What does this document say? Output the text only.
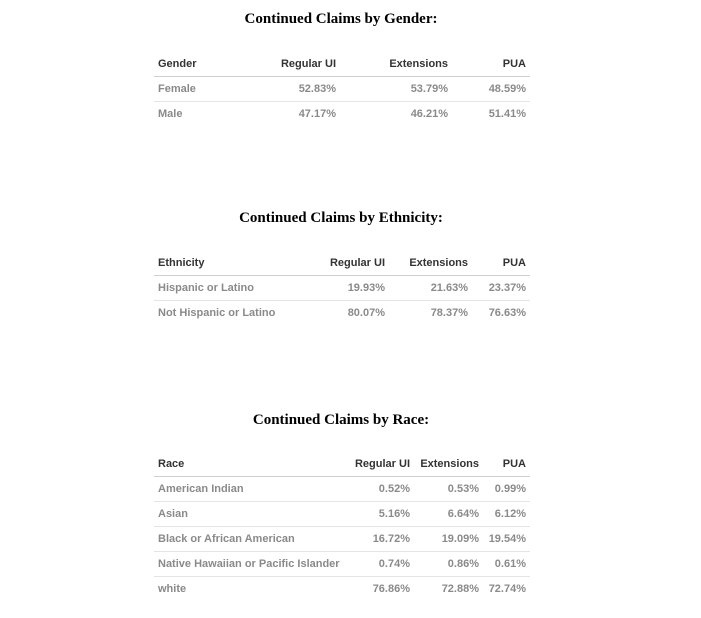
Continued Claims by Gender:
Gender	Regular UI	Extensions	PUA
Female	52.83%	53.79%	48.59%
Male	47.17%	46.21%	51.41%
Continued Claims by Ethnicity:
Ethnicity	Regular UI	Extensions	PUA
Hispanic or Latino	19.93%	21.63%	23.37%
Not Hispanic or Latino	80.07%	78.37%	76.63%
Continued Claims by Race:
Race	Regular UI	Extensions	PUA
American Indian	0.52%	0.53%	0.99%
Asian	5.16%	6.64%	6.12%
Black or African American	16.72%	19.09%	19.54%
Native Hawaiian or Pacific Islander	0.74%	0.86%	0.61%
white	76.86%	72.88%	72.74%
